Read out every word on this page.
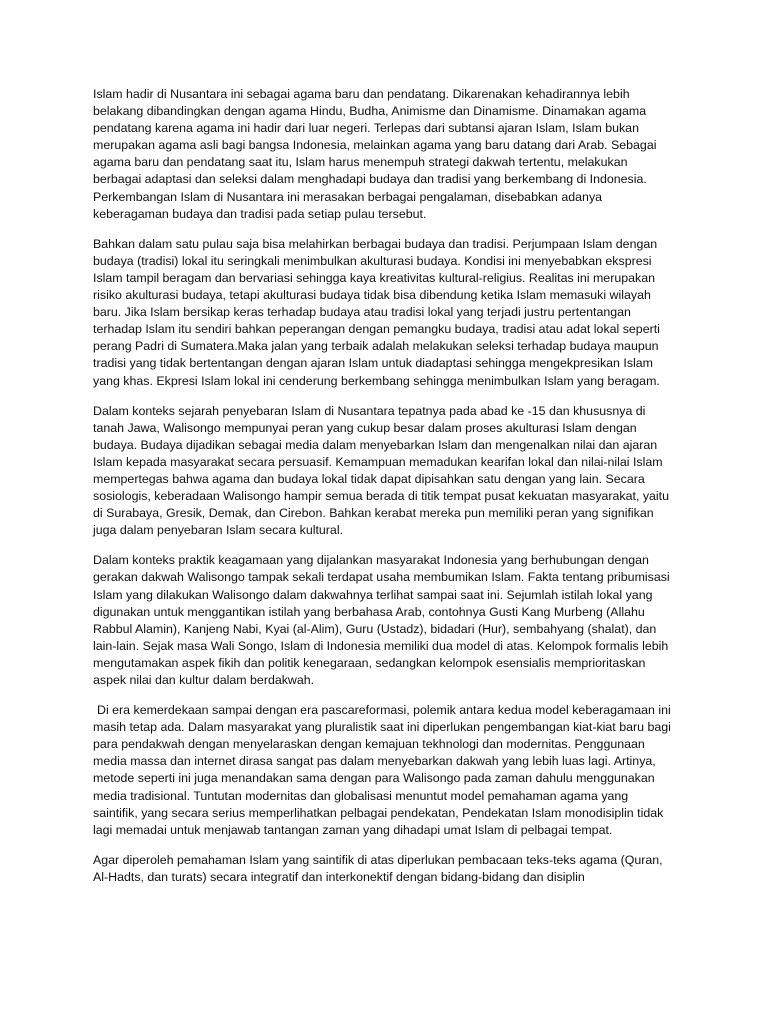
Islam hadir di Nusantara ini sebagai agama baru dan pendatang. Dikarenakan kehadirannya lebih belakang dibandingkan dengan agama Hindu, Budha, Animisme dan Dinamisme. Dinamakan agama pendatang karena agama ini hadir dari luar negeri. Terlepas dari subtansi ajaran Islam, Islam bukan merupakan agama asli bagi bangsa Indonesia, melainkan agama yang baru datang dari Arab. Sebagai agama baru dan pendatang saat itu, Islam harus menempuh strategi dakwah tertentu, melakukan berbagai adaptasi dan seleksi dalam menghadapi budaya dan tradisi yang berkembang di Indonesia. Perkembangan Islam di Nusantara ini merasakan berbagai pengalaman, disebabkan adanya keberagaman budaya dan tradisi pada setiap pulau tersebut.

Bahkan dalam satu pulau saja bisa melahirkan berbagai budaya dan tradisi. Perjumpaan Islam dengan budaya (tradisi) lokal itu seringkali menimbulkan akulturasi budaya. Kondisi ini menyebabkan ekspresi Islam tampil beragam dan bervariasi sehingga kaya kreativitas kultural-religius. Realitas ini merupakan risiko akulturasi budaya, tetapi akulturasi budaya tidak bisa dibendung ketika Islam memasuki wilayah baru. Jika Islam bersikap keras terhadap budaya atau tradisi lokal yang terjadi justru pertentangan terhadap Islam itu sendiri bahkan peperangan dengan pemangku budaya, tradisi atau adat lokal seperti perang Padri di Sumatera.Maka jalan yang terbaik adalah melakukan seleksi terhadap budaya maupun tradisi yang tidak bertentangan dengan ajaran Islam untuk diadaptasi sehingga mengekpresikan Islam yang khas. Ekpresi Islam lokal ini cenderung berkembang sehingga menimbulkan Islam yang beragam.

Dalam konteks sejarah penyebaran Islam di Nusantara tepatnya pada abad ke -15 dan khususnya di tanah Jawa, Walisongo mempunyai peran yang cukup besar dalam proses akulturasi Islam dengan budaya. Budaya dijadikan sebagai media dalam menyebarkan Islam dan mengenalkan nilai dan ajaran Islam kepada masyarakat secara persuasif. Kemampuan memadukan kearifan lokal dan nilai-nilai Islam mempertegas bahwa agama dan budaya lokal tidak dapat dipisahkan satu dengan yang lain. Secara sosiologis, keberadaan Walisongo hampir semua berada di titik tempat pusat kekuatan masyarakat, yaitu di Surabaya, Gresik, Demak, dan Cirebon. Bahkan kerabat mereka pun memiliki peran yang signifikan juga dalam penyebaran Islam secara kultural.

Dalam konteks praktik keagamaan yang dijalankan masyarakat Indonesia yang berhubungan dengan gerakan dakwah Walisongo tampak sekali terdapat usaha membumikan Islam. Fakta tentang pribumisasi Islam yang dilakukan Walisongo dalam dakwahnya terlihat sampai saat ini. Sejumlah istilah lokal yang digunakan untuk menggantikan istilah yang berbahasa Arab, contohnya Gusti Kang Murbeng (Allahu Rabbul Alamin), Kanjeng Nabi, Kyai (al-Alim), Guru (Ustadz), bidadari (Hur), sembahyang (shalat), dan lain-lain. Sejak masa Wali Songo, Islam di Indonesia memiliki dua model di atas. Kelompok formalis lebih mengutamakan aspek fikih dan politik kenegaraan, sedangkan kelompok esensialis memprioritaskan aspek nilai dan kultur dalam berdakwah.

Di era kemerdekaan sampai dengan era pascareformasi, polemik antara kedua model keberagamaan ini masih tetap ada. Dalam masyarakat yang pluralistik saat ini diperlukan pengembangan kiat-kiat baru bagi para pendakwah dengan menyelaraskan dengan kemajuan tekhnologi dan modernitas. Penggunaan media massa dan internet dirasa sangat pas dalam menyebarkan dakwah yang lebih luas lagi. Artinya, metode seperti ini juga menandakan sama dengan para Walisongo pada zaman dahulu menggunakan media tradisional. Tuntutan modernitas dan globalisasi menuntut model pemahaman agama yang saintifik, yang secara serius memperlihatkan pelbagai pendekatan, Pendekatan Islam monodisiplin tidak lagi memadai untuk menjawab tantangan zaman yang dihadapi umat Islam di pelbagai tempat.

Agar diperoleh pemahaman Islam yang saintifik di atas diperlukan pembacaan teks-teks agama (Quran, Al-Hadts, dan turats) secara integratif dan interkonektif dengan bidang-bidang dan disiplin
